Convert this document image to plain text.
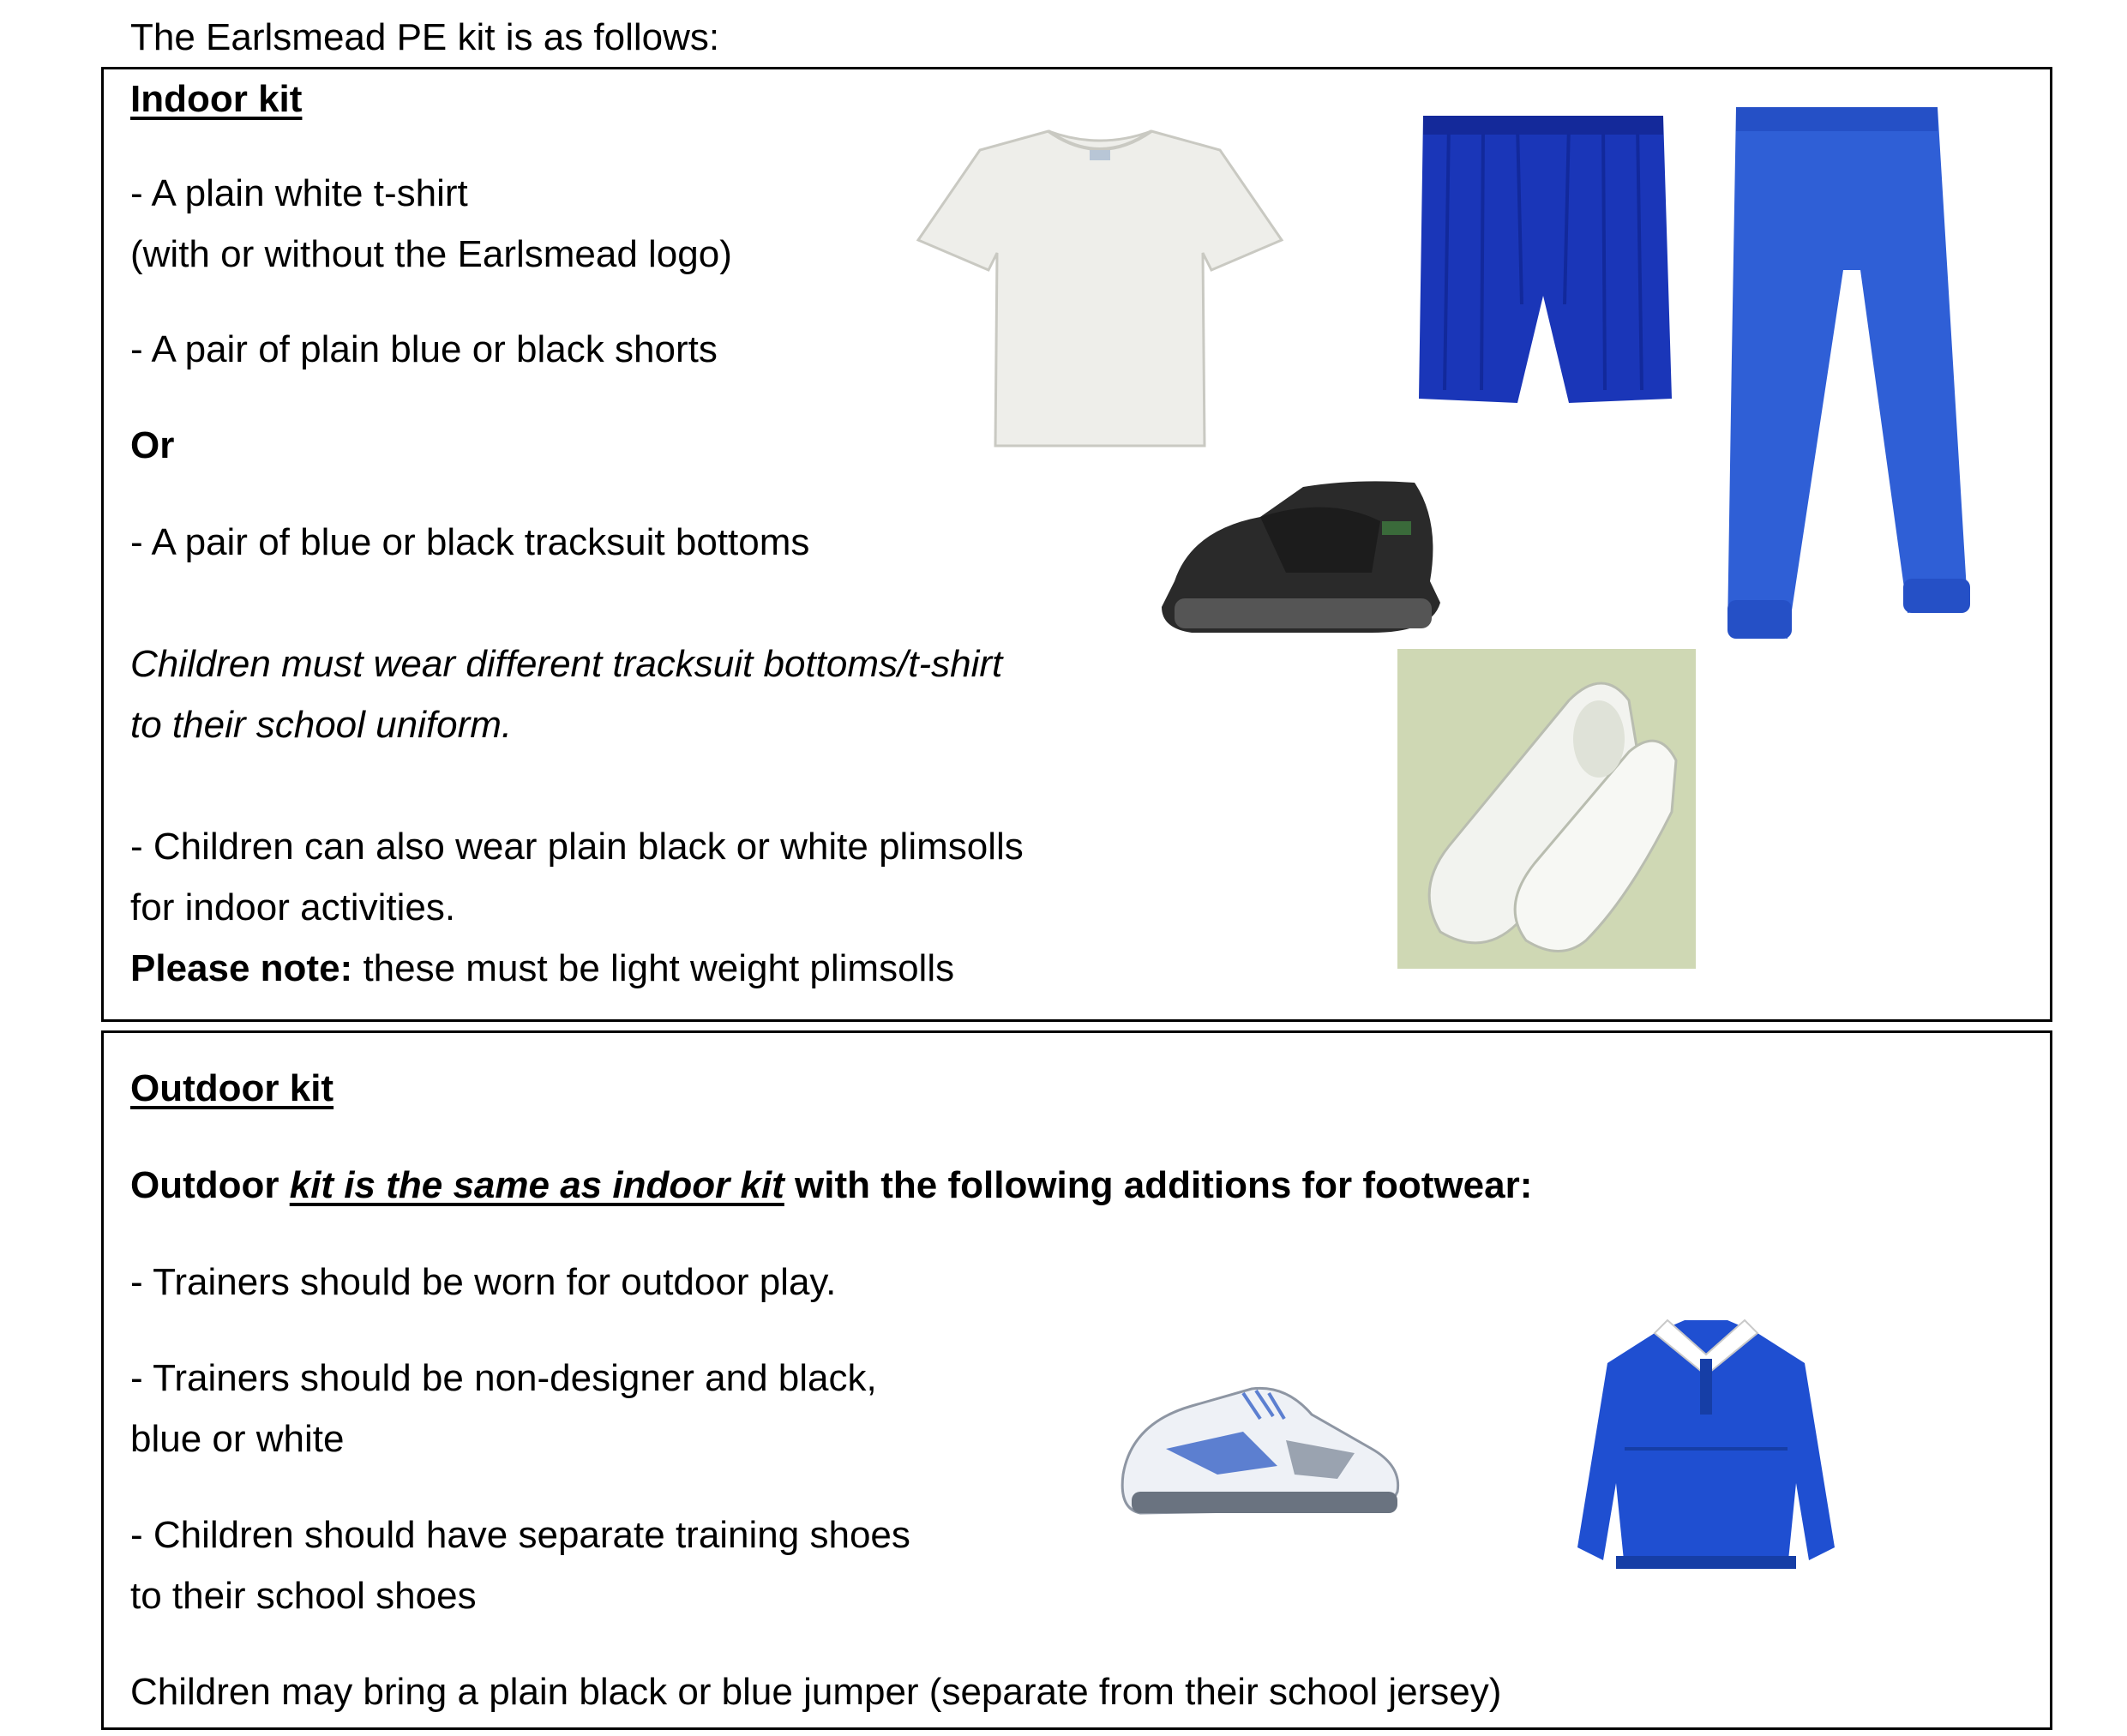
The Earlsmead PE kit is as follows:
Indoor kit
- A plain white t-shirt
(with or without the Earlsmead logo)
- A pair of plain blue or black shorts
Or
- A pair of blue or black tracksuit bottoms
Children must wear different tracksuit bottoms/t-shirt
to their school uniform.
- Children can also wear plain black or white plimsolls
for indoor activities.
Please note: these must be light weight plimsolls
Outdoor kit
Outdoor kit is the same as indoor kit with the following additions for footwear:
- Trainers should be worn for outdoor play.
- Trainers should be non-designer and black,
blue or white
- Children should have separate training shoes
to their school shoes
Children may bring a plain black or blue jumper (separate from their school jersey)
